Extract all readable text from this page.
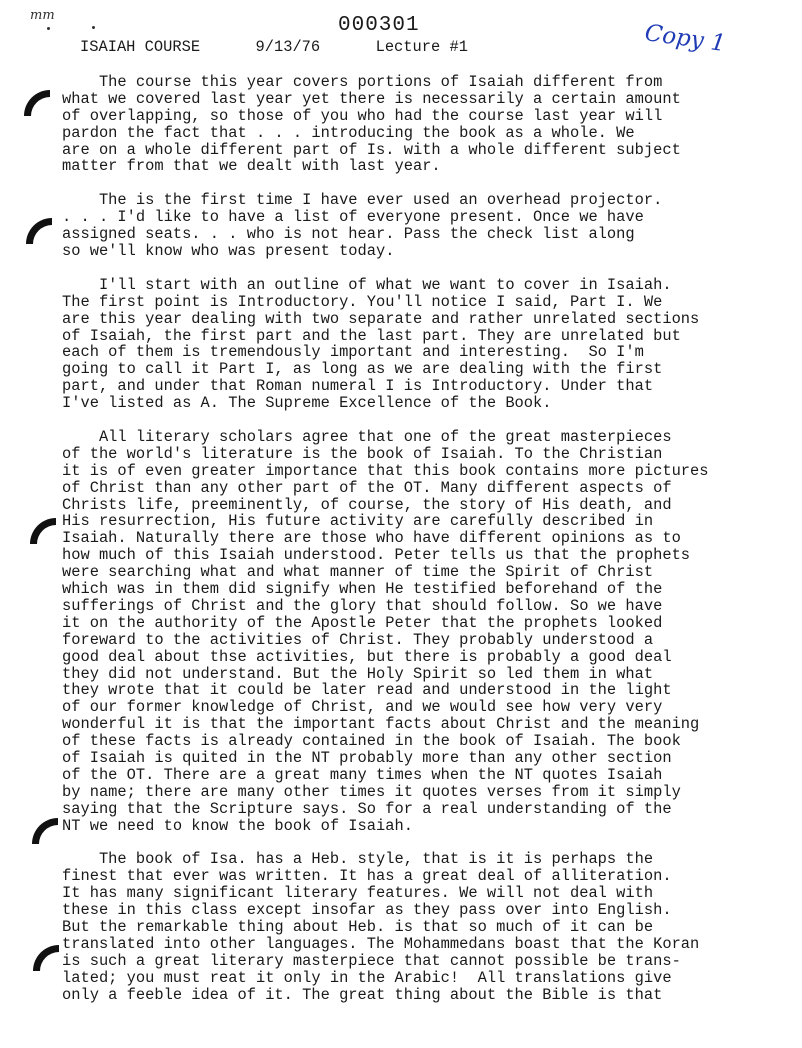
mm	000301	Copy 1
ISAIAH COURSE	9/13/76	Lecture #1
The course this year covers portions of Isaiah different from
what we covered last year yet there is necessarily a certain amount
of overlapping, so those of you who had the course last year will
pardon the fact that . . . introducing the book as a whole. We
are on a whole different part of Is. with a whole different subject
matter from that we dealt with last year.
The is the first time I have ever used an overhead projector.
. . . I'd like to have a list of everyone present. Once we have
assigned seats. . . who is not hear. Pass the check list along
so we'll know who was present today.
I'll start with an outline of what we want to cover in Isaiah.
The first point is Introductory. You'll notice I said, Part I. We
are this year dealing with two separate and rather unrelated sections
of Isaiah, the first part and the last part. They are unrelated but
each of them is tremendously important and interesting.  So I'm
going to call it Part I, as long as we are dealing with the first
part, and under that Roman numeral I is Introductory. Under that
I've listed as A. The Supreme Excellence of the Book.
All literary scholars agree that one of the great masterpieces
of the world's literature is the book of Isaiah. To the Christian
it is of even greater importance that this book contains more pictures
of Christ than any other part of the OT. Many different aspects of
Christs life, preeminently, of course, the story of His death, and
His resurrection, His future activity are carefully described in
Isaiah. Naturally there are those who have different opinions as to
how much of this Isaiah understood. Peter tells us that the prophets
were searching what and what manner of time the Spirit of Christ
which was in them did signify when He testified beforehand of the
sufferings of Christ and the glory that should follow. So we have
it on the authority of the Apostle Peter that the prophets looked
foreward to the activities of Christ. They probably understood a
good deal about thse activities, but there is probably a good deal
they did not understand. But the Holy Spirit so led them in what
they wrote that it could be later read and understood in the light
of our former knowledge of Christ, and we would see how very very
wonderful it is that the important facts about Christ and the meaning
of these facts is already contained in the book of Isaiah. The book
of Isaiah is quited in the NT probably more than any other section
of the OT. There are a great many times when the NT quotes Isaiah
by name; there are many other times it quotes verses from it simply
saying that the Scripture says. So for a real understanding of the
NT we need to know the book of Isaiah.
The book of Isa. has a Heb. style, that is it is perhaps the
finest that ever was written. It has a great deal of alliteration.
It has many significant literary features. We will not deal with
these in this class except insofar as they pass over into English.
But the remarkable thing about Heb. is that so much of it can be
translated into other languages. The Mohammedans boast that the Koran
is such a great literary masterpiece that cannot possible be trans-
lated; you must reat it only in the Arabic!  All translations give
only a feeble idea of it. The great thing about the Bible is that
